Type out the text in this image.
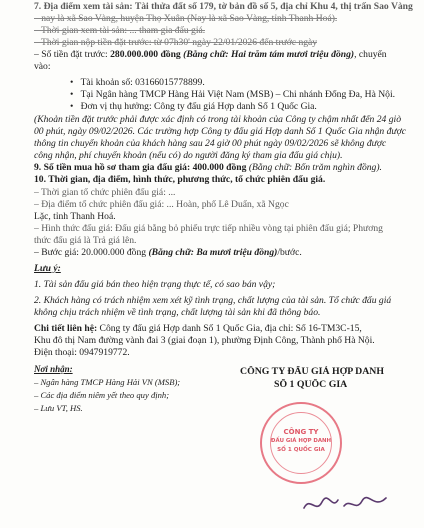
7. Địa điểm xem tài sản: Tài thửa đất số 179, tờ bản đồ số 5, địa chỉ Khu 4, thị trấn Sao Vàng
– nay là xã Sao Vàng, huyện Thọ Xuân (Nay là xã Sao Vàng, tỉnh Thanh Hoá).
– Thời gian xem tài sản: ... tham gia đấu giá.
– Thời gian nộp tiền đặt trước: từ 07h30' ngày 22/01/2026 đến trước ngày
– Số tiền đặt trước: 280.000.000 đồng (Bằng chữ: Hai trăm tám mươi triệu đồng), chuyển
vào:
•   Tài khoản số: 03166015778899.
•   Tại Ngân hàng TMCP Hàng Hải Việt Nam (MSB) – Chi nhánh Đống Đa, Hà Nội.
•   Đơn vị thụ hưởng: Công ty đấu giá Hợp danh Số 1 Quốc Gia.
(Khoản tiền đặt trước phải được xác định có trong tài khoản của Công ty chậm nhất đến 24 giờ
00 phút, ngày 09/02/2026. Các trường hợp Công ty đấu giá Hợp danh Số 1 Quốc Gia nhận được
thông tin chuyển khoản của khách hàng sau 24 giờ 00 phút ngày 09/02/2026 sẽ không được
công nhận, phí chuyển khoản (nếu có) do người đăng ký tham gia đấu giá chịu).
9. Số tiền mua hồ sơ tham gia đấu giá: 400.000 đồng (Bằng chữ: Bốn trăm nghìn đồng).
10. Thời gian, địa điểm, hình thức, phương thức, tổ chức phiên đấu giá.
– Thời gian tổ chức phiên đấu giá: ...
– Địa điểm tổ chức phiên đấu giá: ... Hoàn, phố Lê Duẩn, xã Ngọc
Lặc, tỉnh Thanh Hoá.
– Hình thức đấu giá: Đấu giá bằng bỏ phiếu trực tiếp nhiều vòng tại phiên đấu giá; Phương
thức đấu giá là Trả giá lên.
– Bước giá: 20.000.000 đồng (Bằng chữ: Ba mươi triệu đồng)/bước.
Lưu ý:
1. Tài sản đấu giá bán theo hiện trạng thực tế, có sao bán vậy;
2. Khách hàng có trách nhiệm xem xét kỹ tình trạng, chất lượng của tài sản. Tổ chức đấu giá
không chịu trách nhiệm về tình trạng, chất lượng tài sản khi đã thông báo.
Chi tiết liên hệ: Công ty đấu giá Hợp danh Số 1 Quốc Gia, địa chỉ: Số 16-TM3C-15,
Khu đô thị Nam đường vành đai 3 (giai đoạn 1), phường Định Công, Thành phố Hà Nội.
Điện thoại: 0947919772.
Nơi nhận:
– Ngân hàng TMCP Hàng Hải VN (MSB);
– Các địa điểm niêm yết theo quy định;
– Lưu VT, HS.
CÔNG TY ĐẤU GIÁ HỢP DANH
SỐ 1 QUỐC GIA
CÔNG TY
ĐẤU GIÁ HỢP DANH
SỐ 1 QUỐC GIA
